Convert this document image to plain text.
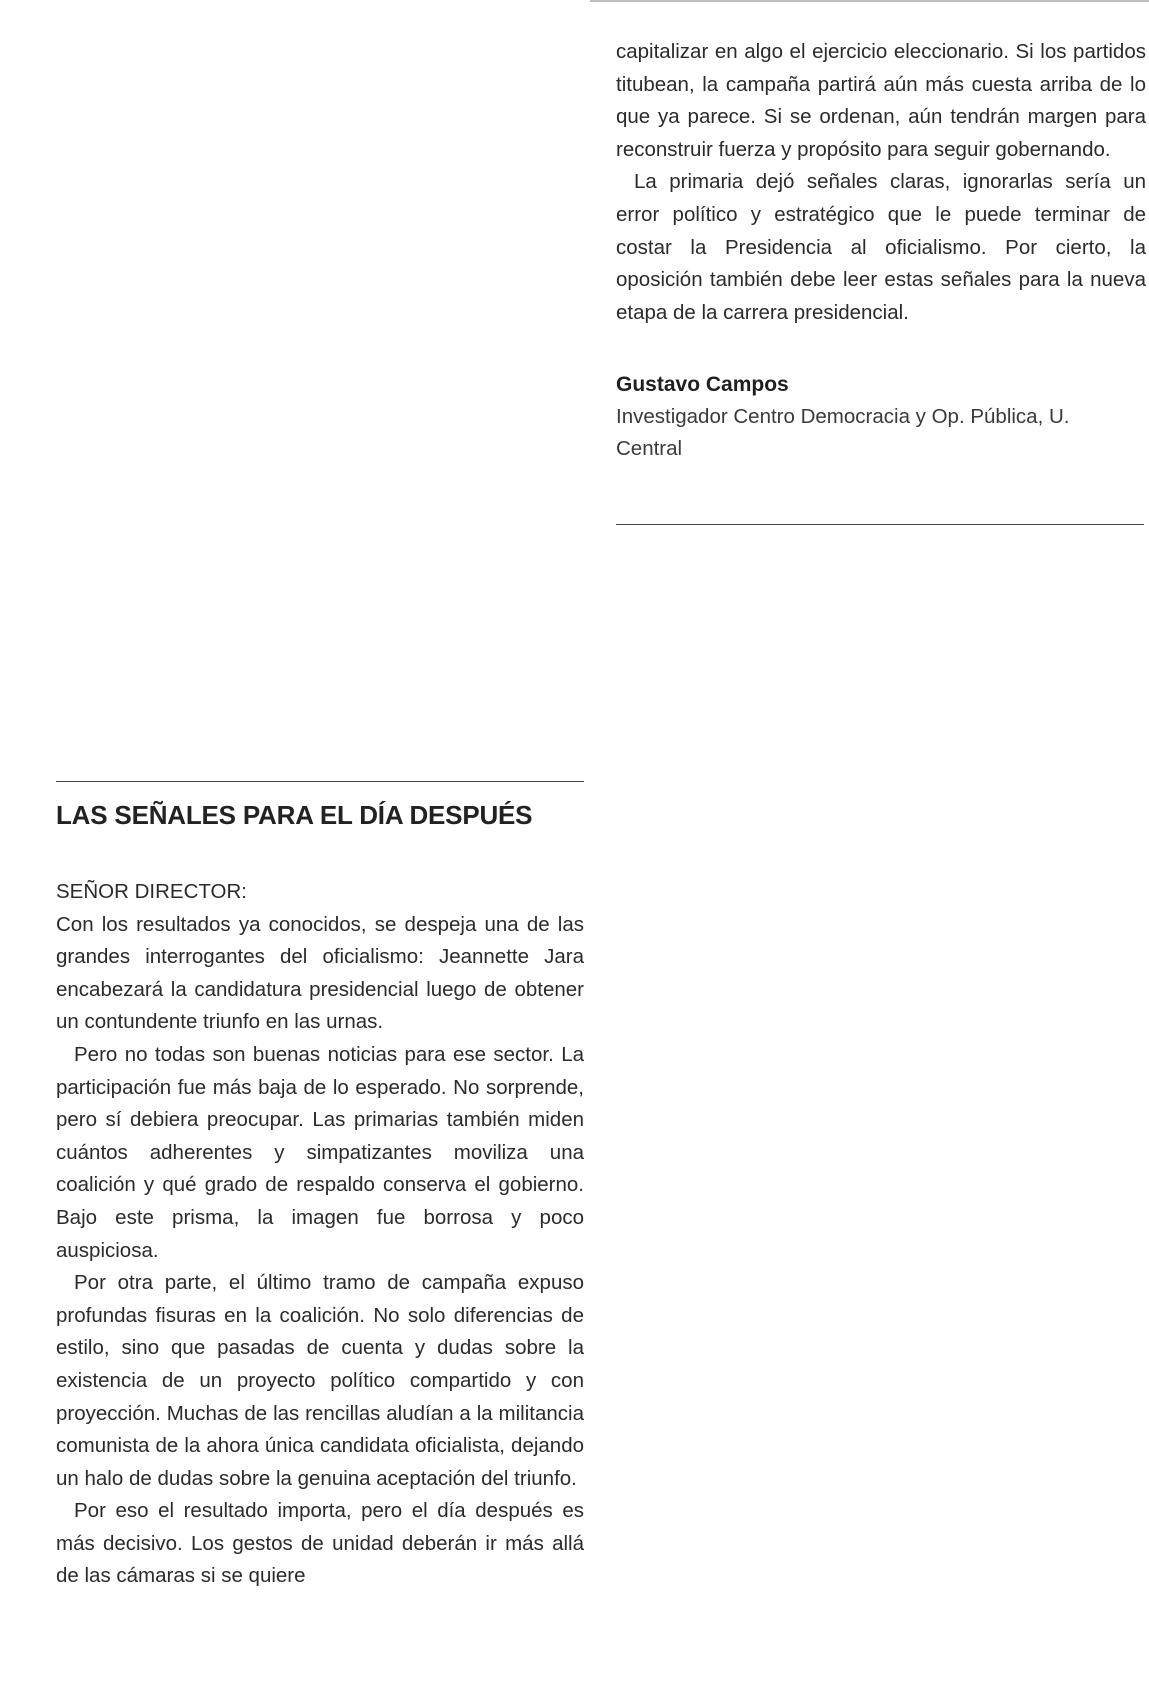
capitalizar en algo el ejercicio eleccionario. Si los partidos titubean, la campaña partirá aún más cuesta arriba de lo que ya parece. Si se ordenan, aún tendrán margen para reconstruir fuerza y propósito para seguir gobernando.

La primaria dejó señales claras, ignorarlas sería un error político y estratégico que le puede terminar de costar la Presidencia al oficialismo. Por cierto, la oposición también debe leer estas señales para la nueva etapa de la carrera presidencial.

Gustavo Campos
Investigador Centro Democracia y Op. Pública, U. Central
LAS SEÑALES PARA EL DÍA DESPUÉS

SEÑOR DIRECTOR:

Con los resultados ya conocidos, se despeja una de las grandes interrogantes del oficialismo: Jeannette Jara encabezará la candidatura presidencial luego de obtener un contundente triunfo en las urnas.

Pero no todas son buenas noticias para ese sector. La participación fue más baja de lo esperado. No sorprende, pero sí debiera preocupar. Las primarias también miden cuántos adherentes y simpatizantes moviliza una coalición y qué grado de respaldo conserva el gobierno. Bajo este prisma, la imagen fue borrosa y poco auspiciosa.

Por otra parte, el último tramo de campaña expuso profundas fisuras en la coalición. No solo diferencias de estilo, sino que pasadas de cuenta y dudas sobre la existencia de un proyecto político compartido y con proyección. Muchas de las rencillas aludían a la militancia comunista de la ahora única candidata oficialista, dejando un halo de dudas sobre la genuina aceptación del triunfo.

Por eso el resultado importa, pero el día después es más decisivo. Los gestos de unidad deberán ir más allá de las cámaras si se quiere
